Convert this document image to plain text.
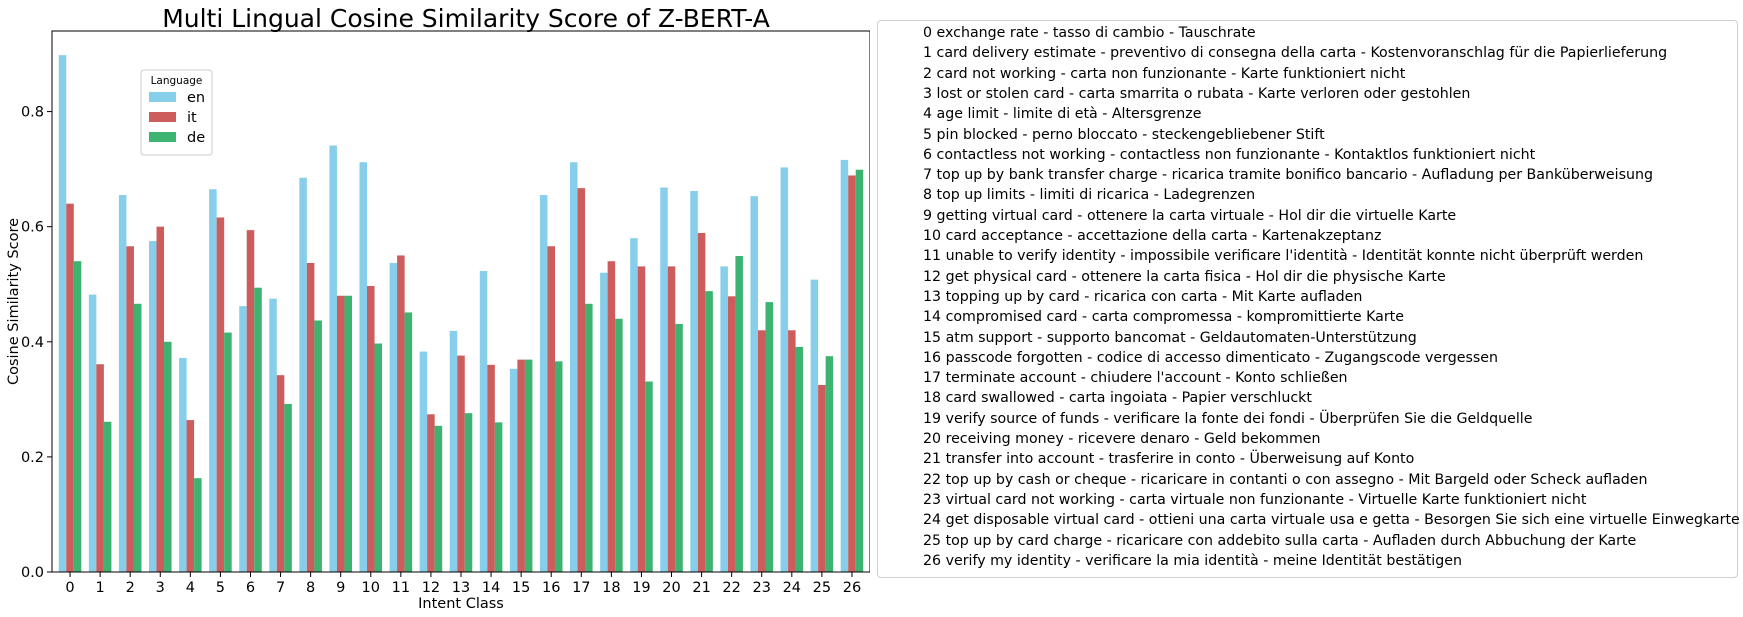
Multi Lingual Cosine Similarity Score of Z-BERT-A
0.0
0.2
0.4
0.6
0.8
0 1 2 3 4 5 6 7 8 9 10 11 12 13 14 15 16 17 18 19 20 21 22 23 24 25 26
Cosine Similarity Score
Intent Class
Language
en
it
de
0 exchange rate - tasso di cambio - Tauschrate
1 card delivery estimate - preventivo di consegna della carta - Kostenvoranschlag für die Papierlieferung
2 card not working - carta non funzionante - Karte funktioniert nicht
3 lost or stolen card - carta smarrita o rubata - Karte verloren oder gestohlen
4 age limit - limite di età - Altersgrenze
5 pin blocked - perno bloccato - steckengebliebener Stift
6 contactless not working - contactless non funzionante - Kontaktlos funktioniert nicht
7 top up by bank transfer charge - ricarica tramite bonifico bancario - Aufladung per Banküberweisung
8 top up limits - limiti di ricarica - Ladegrenzen
9 getting virtual card - ottenere la carta virtuale - Hol dir die virtuelle Karte
10 card acceptance - accettazione della carta - Kartenakzeptanz
11 unable to verify identity - impossibile verificare l'identità - Identität konnte nicht überprüft werden
12 get physical card - ottenere la carta fisica - Hol dir die physische Karte
13 topping up by card - ricarica con carta - Mit Karte aufladen
14 compromised card - carta compromessa - kompromittierte Karte
15 atm support - supporto bancomat - Geldautomaten-Unterstützung
16 passcode forgotten - codice di accesso dimenticato - Zugangscode vergessen
17 terminate account - chiudere l'account - Konto schließen
18 card swallowed - carta ingoiata - Papier verschluckt
19 verify source of funds - verificare la fonte dei fondi - Überprüfen Sie die Geldquelle
20 receiving money - ricevere denaro - Geld bekommen
21 transfer into account - trasferire in conto - Überweisung auf Konto
22 top up by cash or cheque - ricaricare in contanti o con assegno - Mit Bargeld oder Scheck aufladen
23 virtual card not working - carta virtuale non funzionante - Virtuelle Karte funktioniert nicht
24 get disposable virtual card - ottieni una carta virtuale usa e getta - Besorgen Sie sich eine virtuelle Einwegkarte
25 top up by card charge - ricaricare con addebito sulla carta - Aufladen durch Abbuchung der Karte
26 verify my identity - verificare la mia identità - meine Identität bestätigen
